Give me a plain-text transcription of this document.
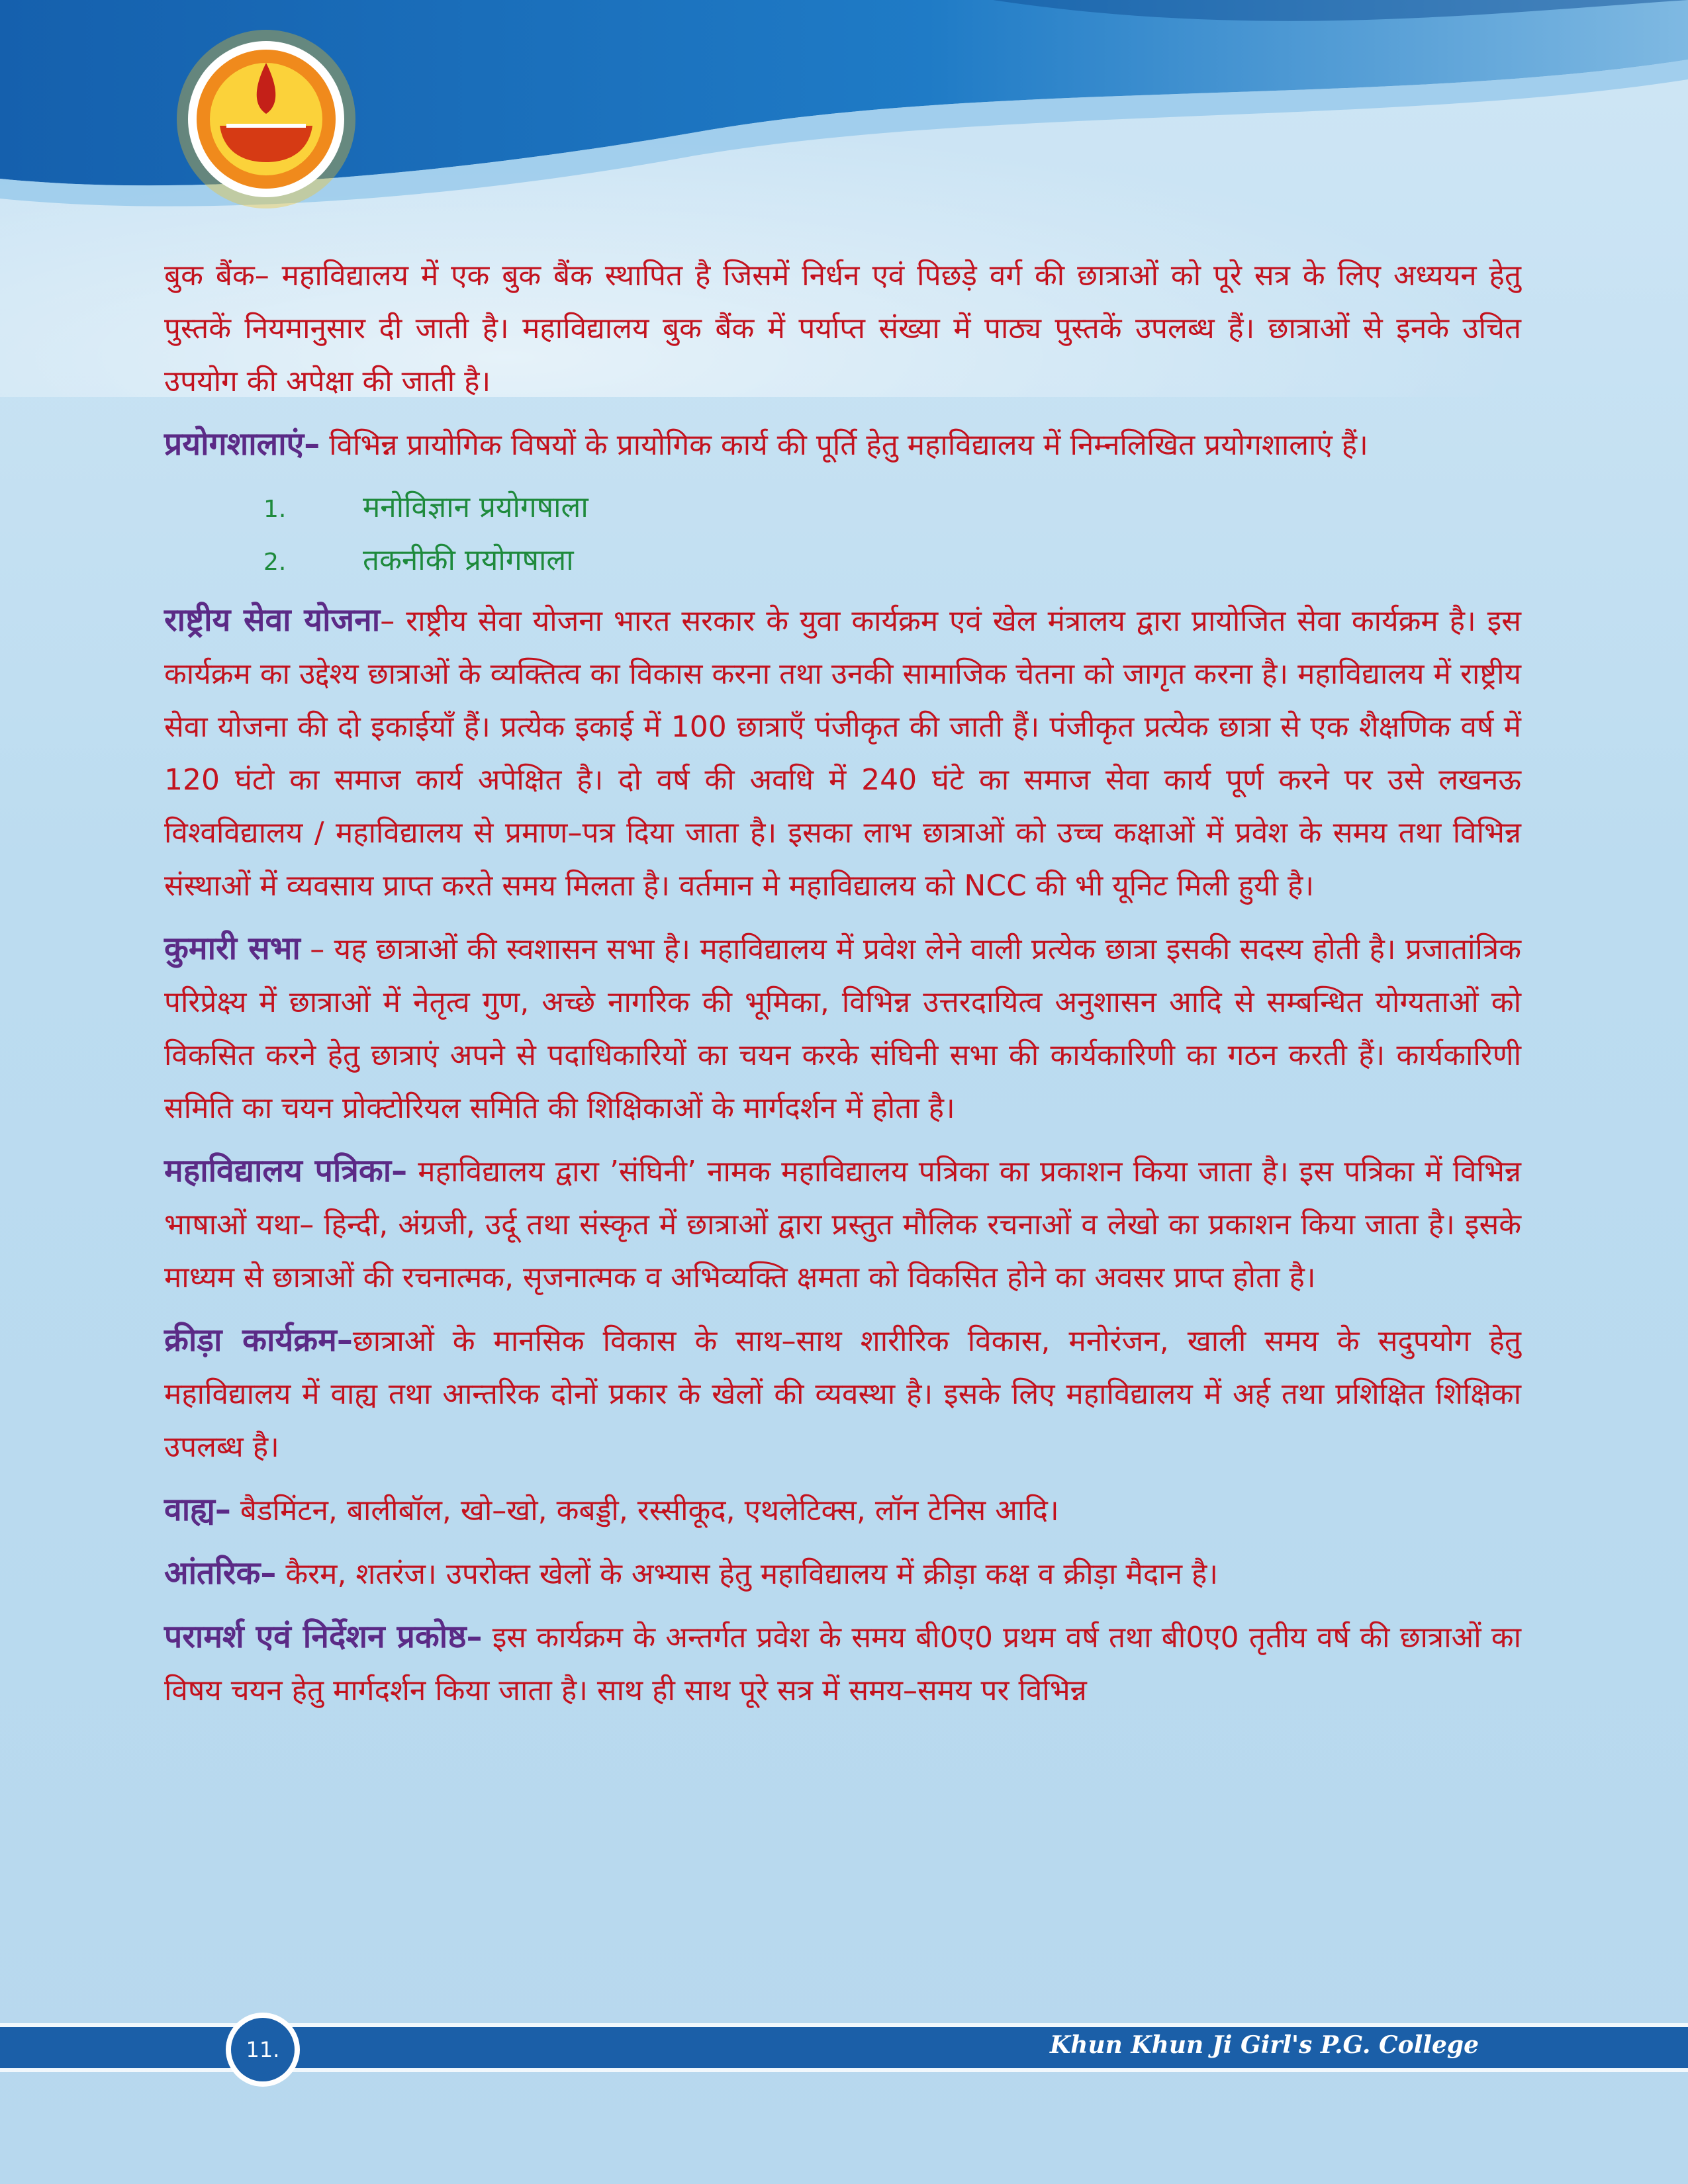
बुक बैंक– महाविद्यालय में एक बुक बैंक स्थापित है जिसमें निर्धन एवं पिछड़े वर्ग की छात्राओं को पूरे सत्र के लिए अध्ययन हेतु पुस्तकें नियमानुसार दी जाती है। महाविद्यालय बुक बैंक में पर्याप्त संख्या में पाठ्य पुस्तकें उपलब्ध हैं। छात्राओं से इनके उचित उपयोग की अपेक्षा की जाती है।

प्रयोगशालाएं– विभिन्न प्रायोगिक विषयों के प्रायोगिक कार्य की पूर्ति हेतु महाविद्यालय में निम्नलिखित प्रयोगशालाएं हैं।

1.	मनोविज्ञान प्रयोगषाला
2.	तकनीकी प्रयोगषाला

राष्ट्रीय सेवा योजना– राष्ट्रीय सेवा योजना भारत सरकार के युवा कार्यक्रम एवं खेल मंत्रालय द्वारा प्रायोजित सेवा कार्यक्रम है। इस कार्यक्रम का उद्देश्य छात्राओं के व्यक्तित्व का विकास करना तथा उनकी सामाजिक चेतना को जागृत करना है। महाविद्यालय में राष्ट्रीय सेवा योजना की दो इकाईयाँ हैं। प्रत्येक इकाई में 100 छात्राएँ पंजीकृत की जाती हैं। पंजीकृत प्रत्येक छात्रा से एक शैक्षणिक वर्ष में 120 घंटो का समाज कार्य अपेक्षित है। दो वर्ष की अवधि में 240 घंटे का समाज सेवा कार्य पूर्ण करने पर उसे लखनऊ विश्वविद्यालय / महाविद्यालय से प्रमाण–पत्र दिया जाता है। इसका लाभ छात्राओं को उच्च कक्षाओं में प्रवेश के समय तथा विभिन्न संस्थाओं में व्यवसाय प्राप्त करते समय मिलता है। वर्तमान मे महाविद्यालय को NCC की भी यूनिट मिली हुयी है।

कुमारी सभा – यह छात्राओं की स्वशासन सभा है। महाविद्यालय में प्रवेश लेने वाली प्रत्येक छात्रा इसकी सदस्य होती है। प्रजातांत्रिक परिप्रेक्ष्य में छात्राओं में नेतृत्व गुण, अच्छे नागरिक की भूमिका, विभिन्न उत्तरदायित्व अनुशासन आदि से सम्बन्धित योग्यताओं को विकसित करने हेतु छात्राएं अपने से पदाधिकारियों का चयन करके संघिनी सभा की कार्यकारिणी का गठन करती हैं। कार्यकारिणी समिति का चयन प्रोक्टोरियल समिति की शिक्षिकाओं के मार्गदर्शन में होता है।

महाविद्यालय पत्रिका– महाविद्यालय द्वारा ’संघिनी’ नामक महाविद्यालय पत्रिका का प्रकाशन किया जाता है। इस पत्रिका में विभिन्न भाषाओं यथा– हिन्दी, अंग्रजी, उर्दू तथा संस्कृत में छात्राओं द्वारा प्रस्तुत मौलिक रचनाओं व लेखो का प्रकाशन किया जाता है। इसके माध्यम से छात्राओं की रचनात्मक, सृजनात्मक व अभिव्यक्ति क्षमता को विकसित होने का अवसर प्राप्त होता है।

क्रीड़ा कार्यक्रम–छात्राओं के मानसिक विकास के साथ–साथ शारीरिक विकास, मनोरंजन, खाली समय के सदुपयोग हेतु महाविद्यालय में वाह्य तथा आन्तरिक दोनों प्रकार के खेलों की व्यवस्था है। इसके लिए महाविद्यालय में अर्ह तथा प्रशिक्षित शिक्षिका उपलब्ध है।

वाह्य– बैडमिंटन, बालीबॉल, खो–खो, कबड्डी, रस्सीकूद, एथलेटिक्स, लॉन टेनिस आदि।

आंतरिक– कैरम, शतरंज। उपरोक्त खेलों के अभ्यास हेतु महाविद्यालय में क्रीड़ा कक्ष व क्रीड़ा मैदान है।

परामर्श एवं निर्देशन प्रकोष्ठ– इस कार्यक्रम के अन्तर्गत प्रवेश के समय बी0ए0 प्रथम वर्ष तथा बी0ए0 तृतीय वर्ष की छात्राओं का विषय चयन हेतु मार्गदर्शन किया जाता है। साथ ही साथ पूरे सत्र में समय–समय पर विभिन्न

11.	Khun Khun Ji Girl's P.G. College
